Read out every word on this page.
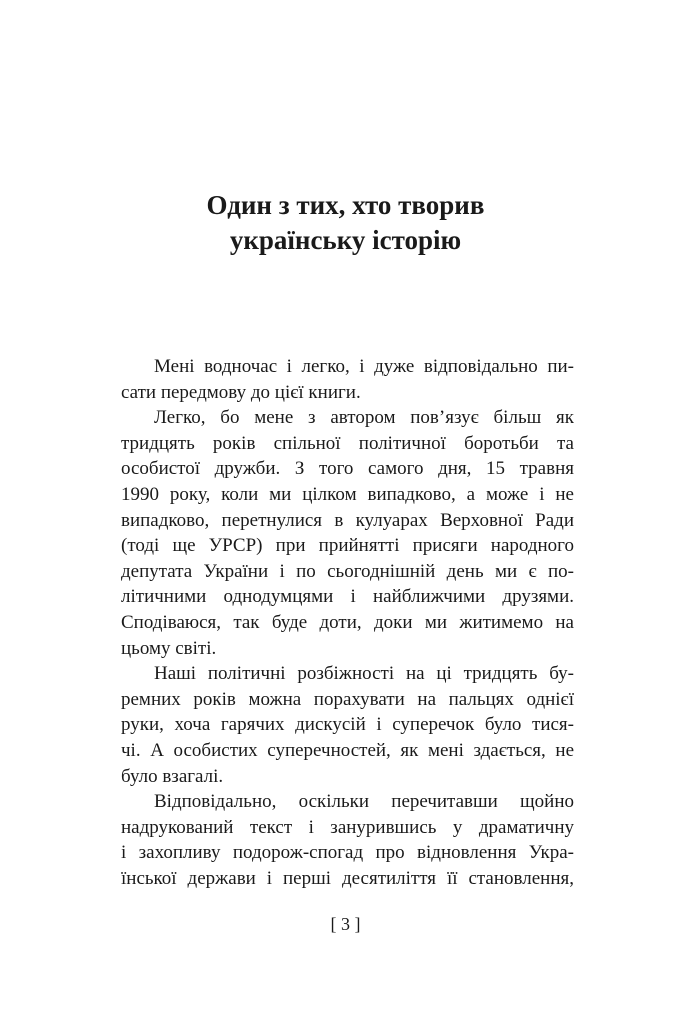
Один з тих, хто творив
українську історію
Мені водночас і легко, і дуже відповідально пи-
сати передмову до цієї книги.
Легко, бо мене з автором пов’язує більш як
тридцять років спільної політичної боротьби та
особистої дружби. З того самого дня, 15 травня
1990 року, коли ми цілком випадково, а може і не
випадково, перетнулися в кулуарах Верховної Ради
(тоді ще УРСР) при прийнятті присяги народного
депутата України і по сьогоднішній день ми є по-
літичними однодумцями і найближчими друзями.
Сподіваюся, так буде доти, доки ми житимемо на
цьому світі.
Наші політичні розбіжності на ці тридцять бу-
ремних років можна порахувати на пальцях однієї
руки, хоча гарячих дискусій і суперечок було тися-
чі. А особистих суперечностей, як мені здається, не
було взагалі.
Відповідально, оскільки перечитавши щойно
надрукований текст і занурившись у драматичну
і захопливу подорож-спогад про відновлення Укра-
їнської держави і перші десятиліття її становлення,
[ 3 ]
